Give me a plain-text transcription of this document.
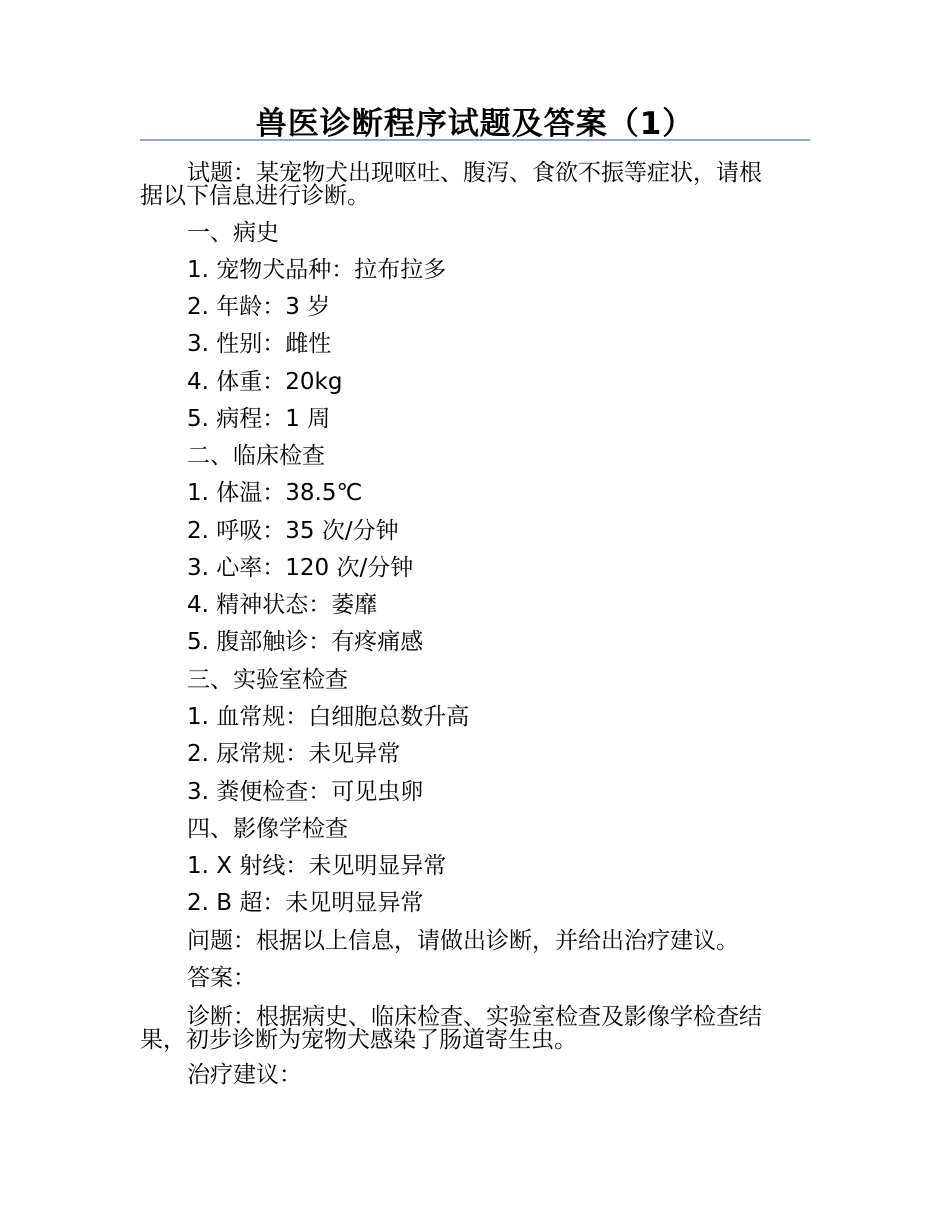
兽医诊断程序试题及答案（1）
试题：某宠物犬出现呕吐、腹泻、食欲不振等症状，请根
据以下信息进行诊断。
一、病史
1. 宠物犬品种：拉布拉多
2. 年龄：3 岁
3. 性别：雌性
4. 体重：20kg
5. 病程：1 周
二、临床检查
1. 体温：38.5℃
2. 呼吸：35 次/分钟
3. 心率：120 次/分钟
4. 精神状态：萎靡
5. 腹部触诊：有疼痛感
三、实验室检查
1. 血常规：白细胞总数升高
2. 尿常规：未见异常
3. 粪便检查：可见虫卵
四、影像学检查
1. X 射线：未见明显异常
2. B 超：未见明显异常
问题：根据以上信息，请做出诊断，并给出治疗建议。
答案：
诊断：根据病史、临床检查、实验室检查及影像学检查结
果，初步诊断为宠物犬感染了肠道寄生虫。
治疗建议：
